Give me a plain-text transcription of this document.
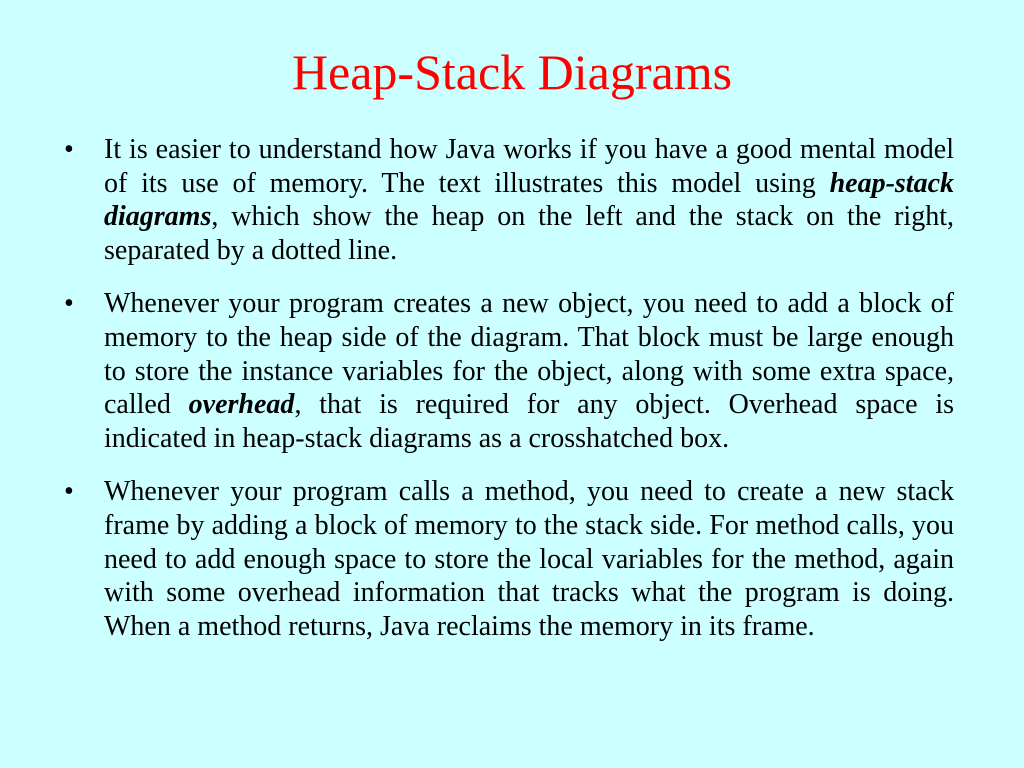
Heap-Stack Diagrams
•	It is easier to understand how Java works if you have a good mental model of its use of memory. The text illustrates this model using heap-stack diagrams, which show the heap on the left and the stack on the right, separated by a dotted line.
•	Whenever your program creates a new object, you need to add a block of memory to the heap side of the diagram. That block must be large enough to store the instance variables for the object, along with some extra space, called overhead, that is required for any object. Overhead space is indicated in heap-stack diagrams as a crosshatched box.
•	Whenever your program calls a method, you need to create a new stack frame by adding a block of memory to the stack side. For method calls, you need to add enough space to store the local variables for the method, again with some overhead information that tracks what the program is doing. When a method returns, Java reclaims the memory in its frame.
